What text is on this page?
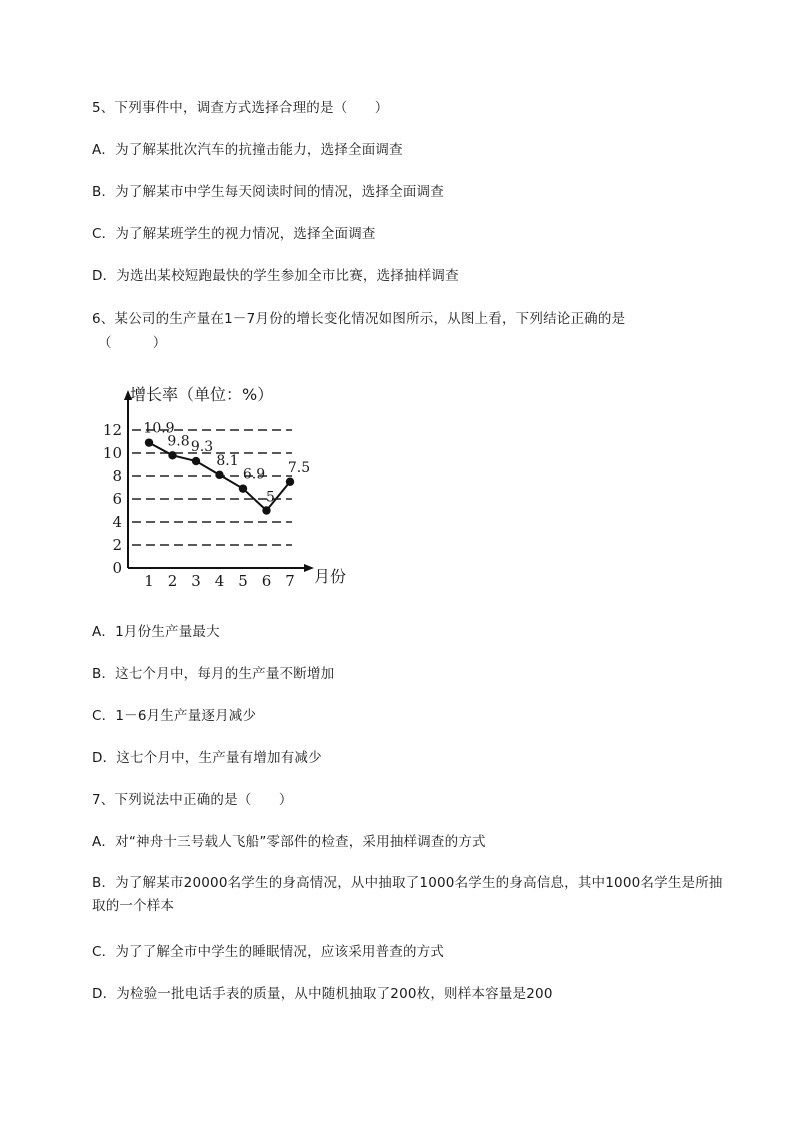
5、下列事件中，调查方式选择合理的是（　　）

A．为了解某批次汽车的抗撞击能力，选择全面调查

B．为了解某市中学生每天阅读时间的情况，选择全面调查

C．为了解某班学生的视力情况，选择全面调查

D．为选出某校短跑最快的学生参加全市比赛，选择抽样调查

6、某公司的生产量在1－7月份的增长变化情况如图所示，从图上看，下列结论正确的是

（　　　）

0
2
4
6
8
10
12
1 2 3 4 5 6 7
10.9
9.8 9.3
8.1
6.9
5
7.5
增长率（单位：%）
月份

A．1月份生产量最大

B．这七个月中，每月的生产量不断增加

C．1－6月生产量逐月减少

D．这七个月中，生产量有增加有减少

7、下列说法中正确的是（　　）

A．对“神舟十三号载人飞船”零部件的检查，采用抽样调查的方式

B．为了解某市20000名学生的身高情况，从中抽取了1000名学生的身高信息，其中1000名学生是所抽取的一个样本

C．为了了解全市中学生的睡眠情况，应该采用普查的方式

D．为检验一批电话手表的质量，从中随机抽取了200枚，则样本容量是200
